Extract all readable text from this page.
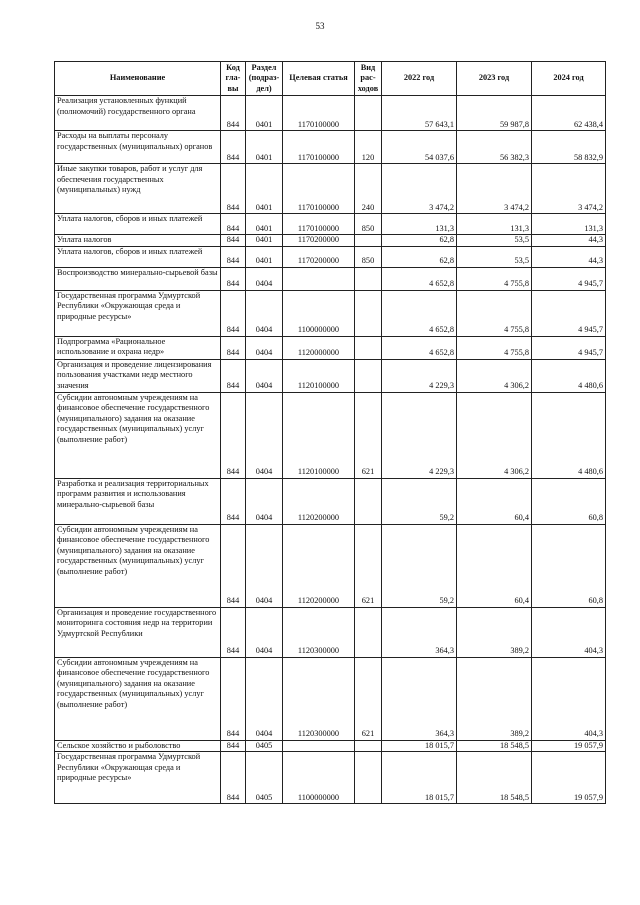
53
Наименование	Код гла- вы	Раздел (подраз- дел)	Целевая статья	Вид рас- ходов	2022 год	2023 год	2024 год
Реализация установленных функций (полномочий) государственного органа	844	0401	1170100000		57 643,1	59 987,8	62 438,4
Расходы на выплаты персоналу государственных (муниципальных) органов	844	0401	1170100000	120	54 037,6	56 382,3	58 832,9
Иные закупки товаров, работ и услуг для обеспечения государственных (муниципальных) нужд	844	0401	1170100000	240	3 474,2	3 474,2	3 474,2
Уплата налогов, сборов и иных платежей	844	0401	1170100000	850	131,3	131,3	131,3
Уплата налогов	844	0401	1170200000		62,8	53,5	44,3
Уплата налогов, сборов и иных платежей	844	0401	1170200000	850	62,8	53,5	44,3
Воспроизводство минерально-сырьевой базы	844	0404			4 652,8	4 755,8	4 945,7
Государственная программа Удмуртской Республики «Окружающая среда и природные ресурсы»	844	0404	1100000000		4 652,8	4 755,8	4 945,7
Подпрограмма «Рациональное использование и охрана недр»	844	0404	1120000000		4 652,8	4 755,8	4 945,7
Организация и проведение лицензирования пользования участками недр местного значения	844	0404	1120100000		4 229,3	4 306,2	4 480,6
Субсидии автономным учреждениям на финансовое обеспечение государственного (муниципального) задания на оказание государственных (муниципальных) услуг (выполнение работ)	844	0404	1120100000	621	4 229,3	4 306,2	4 480,6
Разработка и реализация территориальных программ развития и использования минерально-сырьевой базы	844	0404	1120200000		59,2	60,4	60,8
Субсидии автономным учреждениям на финансовое обеспечение государственного (муниципального) задания на оказание государственных (муниципальных) услуг (выполнение работ)	844	0404	1120200000	621	59,2	60,4	60,8
Организация и проведение государственного мониторинга состояния недр на территории Удмуртской Республики	844	0404	1120300000		364,3	389,2	404,3
Субсидии автономным учреждениям на финансовое обеспечение государственного (муниципального) задания на оказание государственных (муниципальных) услуг (выполнение работ)	844	0404	1120300000	621	364,3	389,2	404,3
Сельское хозяйство и рыболовство	844	0405			18 015,7	18 548,5	19 057,9
Государственная программа Удмуртской Республики «Окружающая среда и природные ресурсы»	844	0405	1100000000		18 015,7	18 548,5	19 057,9
